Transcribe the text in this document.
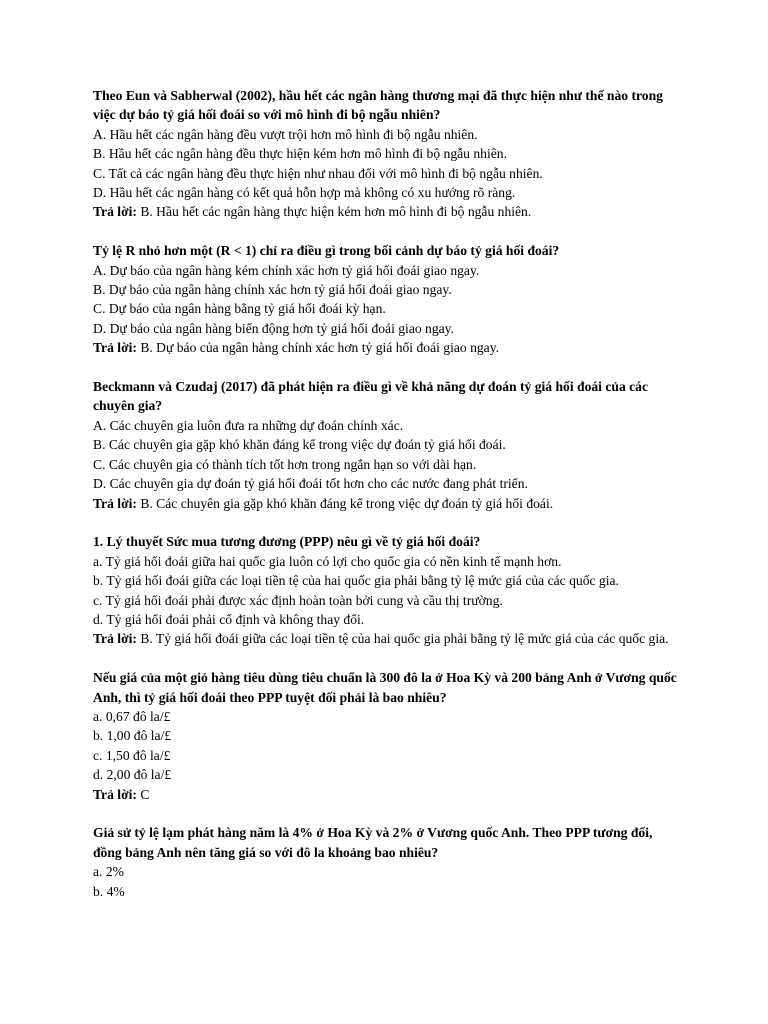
Theo Eun và Sabherwal (2002), hầu hết các ngân hàng thương mại đã thực hiện như thế nào trong việc dự báo tỷ giá hối đoái so với mô hình đi bộ ngẫu nhiên?

A. Hầu hết các ngân hàng đều vượt trội hơn mô hình đi bộ ngẫu nhiên.

B. Hầu hết các ngân hàng đều thực hiện kém hơn mô hình đi bộ ngẫu nhiên.

C. Tất cả các ngân hàng đều thực hiện như nhau đối với mô hình đi bộ ngẫu nhiên.

D. Hầu hết các ngân hàng có kết quả hỗn hợp mà không có xu hướng rõ ràng.

Trả lời: B. Hầu hết các ngân hàng thực hiện kém hơn mô hình đi bộ ngẫu nhiên.

Tỷ lệ R nhỏ hơn một (R < 1) chỉ ra điều gì trong bối cảnh dự báo tỷ giá hối đoái?

A. Dự báo của ngân hàng kém chính xác hơn tỷ giá hối đoái giao ngay.

B. Dự báo của ngân hàng chính xác hơn tỷ giá hối đoái giao ngay.

C. Dự báo của ngân hàng bằng tỷ giá hối đoái kỳ hạn.

D. Dự báo của ngân hàng biến động hơn tỷ giá hối đoái giao ngay.

Trả lời: B. Dự báo của ngân hàng chính xác hơn tỷ giá hối đoái giao ngay.

Beckmann và Czudaj (2017) đã phát hiện ra điều gì về khả năng dự đoán tỷ giá hối đoái của các chuyên gia?

A. Các chuyên gia luôn đưa ra những dự đoán chính xác.

B. Các chuyên gia gặp khó khăn đáng kể trong việc dự đoán tỷ giá hối đoái.

C. Các chuyên gia có thành tích tốt hơn trong ngắn hạn so với dài hạn.

D. Các chuyên gia dự đoán tỷ giá hối đoái tốt hơn cho các nước đang phát triển.

Trả lời: B. Các chuyên gia gặp khó khăn đáng kể trong việc dự đoán tỷ giá hối đoái.

1. Lý thuyết Sức mua tương đương (PPP) nêu gì về tỷ giá hối đoái?

a. Tỷ giá hối đoái giữa hai quốc gia luôn có lợi cho quốc gia có nền kinh tế mạnh hơn.

b. Tỷ giá hối đoái giữa các loại tiền tệ của hai quốc gia phải bằng tỷ lệ mức giá của các quốc gia.

c. Tỷ giá hối đoái phải được xác định hoàn toàn bởi cung và cầu thị trường.

d. Tỷ giá hối đoái phải cố định và không thay đổi.

Trả lời: B. Tỷ giá hối đoái giữa các loại tiền tệ của hai quốc gia phải bằng tỷ lệ mức giá của các quốc gia.

Nếu giá của một giỏ hàng tiêu dùng tiêu chuẩn là 300 đô la ở Hoa Kỳ và 200 bảng Anh ở Vương quốc Anh, thì tỷ giá hối đoái theo PPP tuyệt đối phải là bao nhiêu?

a. 0,67 đô la/£

b. 1,00 đô la/£

c. 1,50 đô la/£

d. 2,00 đô la/£

Trả lời: C

Giả sử tỷ lệ lạm phát hàng năm là 4% ở Hoa Kỳ và 2% ở Vương quốc Anh. Theo PPP tương đối, đồng bảng Anh nên tăng giá so với đô la khoảng bao nhiêu?

a. 2%

b. 4%
